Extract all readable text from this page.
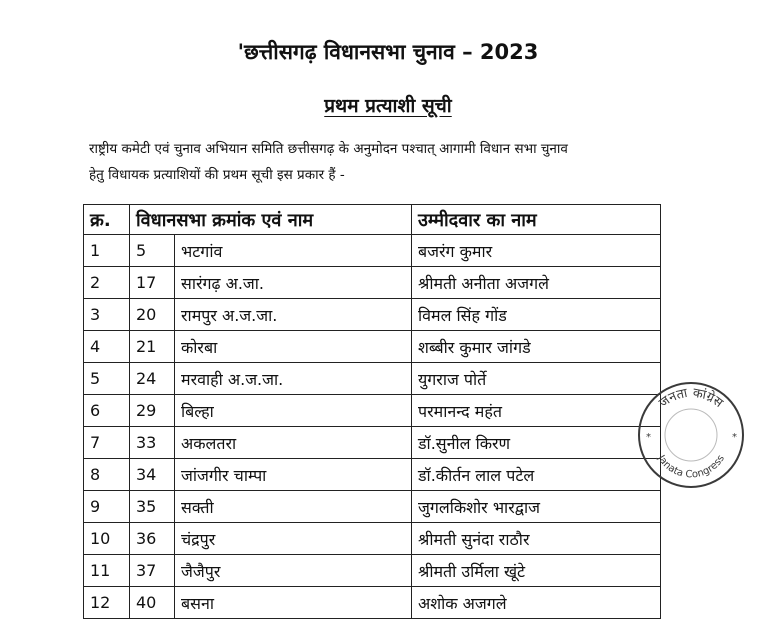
'छत्तीसगढ़ विधानसभा चुनाव – 2023
प्रथम प्रत्याशी सूची
राष्ट्रीय कमेटी एवं चुनाव अभियान समिति छत्तीसगढ़ के अनुमोदन पश्चात् आगामी विधान सभा चुनाव
हेतु विधायक प्रत्याशियों की प्रथम सूची इस प्रकार हैं -
क्र.	विधानसभा क्रमांक एवं नाम		उम्मीदवार का नाम
1	5	भटगांव	बजरंग कुमार
2	17	सारंगढ़ अ.जा.	श्रीमती अनीता अजगले
3	20	रामपुर अ.ज.जा.	विमल सिंह गोंड
4	21	कोरबा	शब्बीर कुमार जांगडे
5	24	मरवाही अ.ज.जा.	युगराज पोर्ते
6	29	बिल्हा	परमानन्द महंत
7	33	अकलतरा	डॉ.सुनील किरण
8	34	जांजगीर चाम्पा	डॉ.कीर्तन लाल पटेल
9	35	सक्ती	जुगलकिशोर भारद्वाज
10	36	चंद्रपुर	श्रीमती सुनंदा राठौर
11	37	जैजैपुर	श्रीमती उर्मिला खूंटे
12	40	बसना	अशोक अजगले
जनता कांग्रेस
Janata Congress
*	*
